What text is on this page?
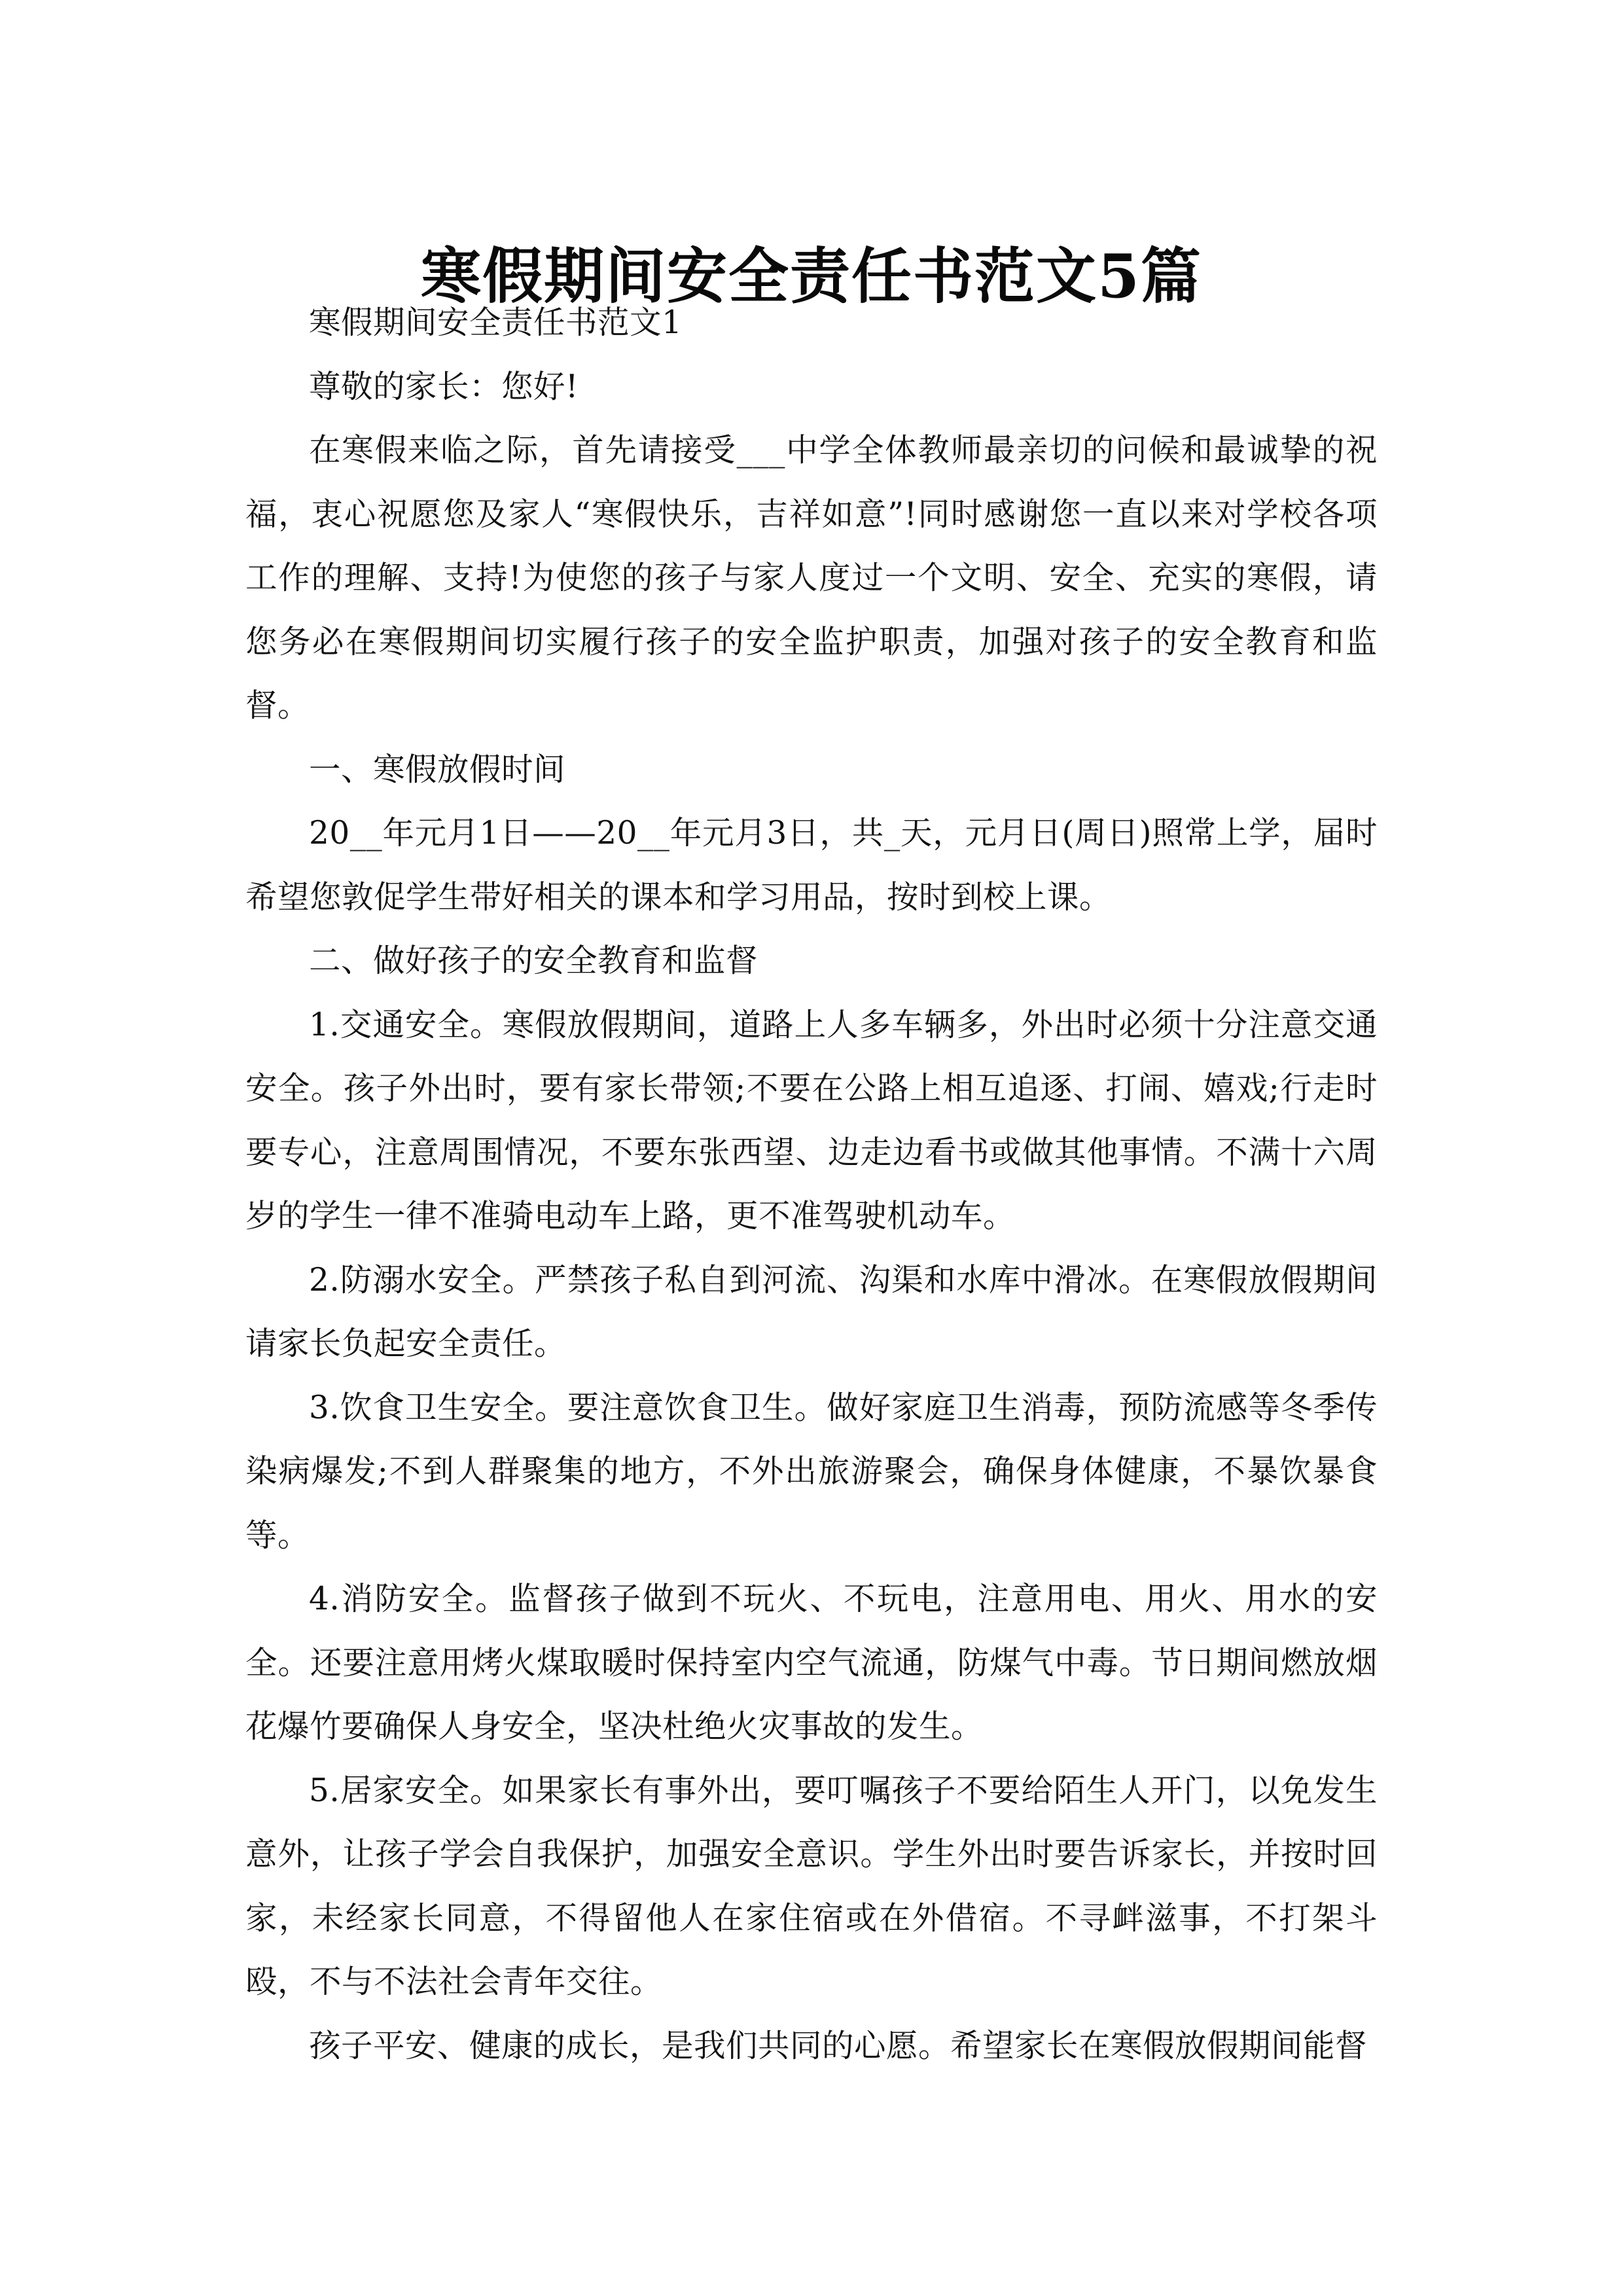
寒假期间安全责任书范文5篇

寒假期间安全责任书范文1

尊敬的家长：您好!

在寒假来临之际，首先请接受___中学全体教师最亲切的问候和最诚挚的祝福，衷心祝愿您及家人“寒假快乐，吉祥如意”!同时感谢您一直以来对学校各项工作的理解、支持!为使您的孩子与家人度过一个文明、安全、充实的寒假，请您务必在寒假期间切实履行孩子的安全监护职责，加强对孩子的安全教育和监督。

一、寒假放假时间

20__年元月1日——20__年元月3日，共_天，元月日(周日)照常上学，届时希望您敦促学生带好相关的课本和学习用品，按时到校上课。

二、做好孩子的安全教育和监督

1.交通安全。寒假放假期间，道路上人多车辆多，外出时必须十分注意交通安全。孩子外出时，要有家长带领;不要在公路上相互追逐、打闹、嬉戏;行走时要专心，注意周围情况，不要东张西望、边走边看书或做其他事情。不满十六周岁的学生一律不准骑电动车上路，更不准驾驶机动车。

2.防溺水安全。严禁孩子私自到河流、沟渠和水库中滑冰。在寒假放假期间请家长负起安全责任。

3.饮食卫生安全。要注意饮食卫生。做好家庭卫生消毒，预防流感等冬季传染病爆发;不到人群聚集的地方，不外出旅游聚会，确保身体健康，不暴饮暴食等。

4.消防安全。监督孩子做到不玩火、不玩电，注意用电、用火、用水的安全。还要注意用烤火煤取暖时保持室内空气流通，防煤气中毒。节日期间燃放烟花爆竹要确保人身安全，坚决杜绝火灾事故的发生。

5.居家安全。如果家长有事外出，要叮嘱孩子不要给陌生人开门，以免发生意外，让孩子学会自我保护，加强安全意识。学生外出时要告诉家长，并按时回家，未经家长同意，不得留他人在家住宿或在外借宿。不寻衅滋事，不打架斗殴，不与不法社会青年交往。

孩子平安、健康的成长，是我们共同的心愿。希望家长在寒假放假期间能督
